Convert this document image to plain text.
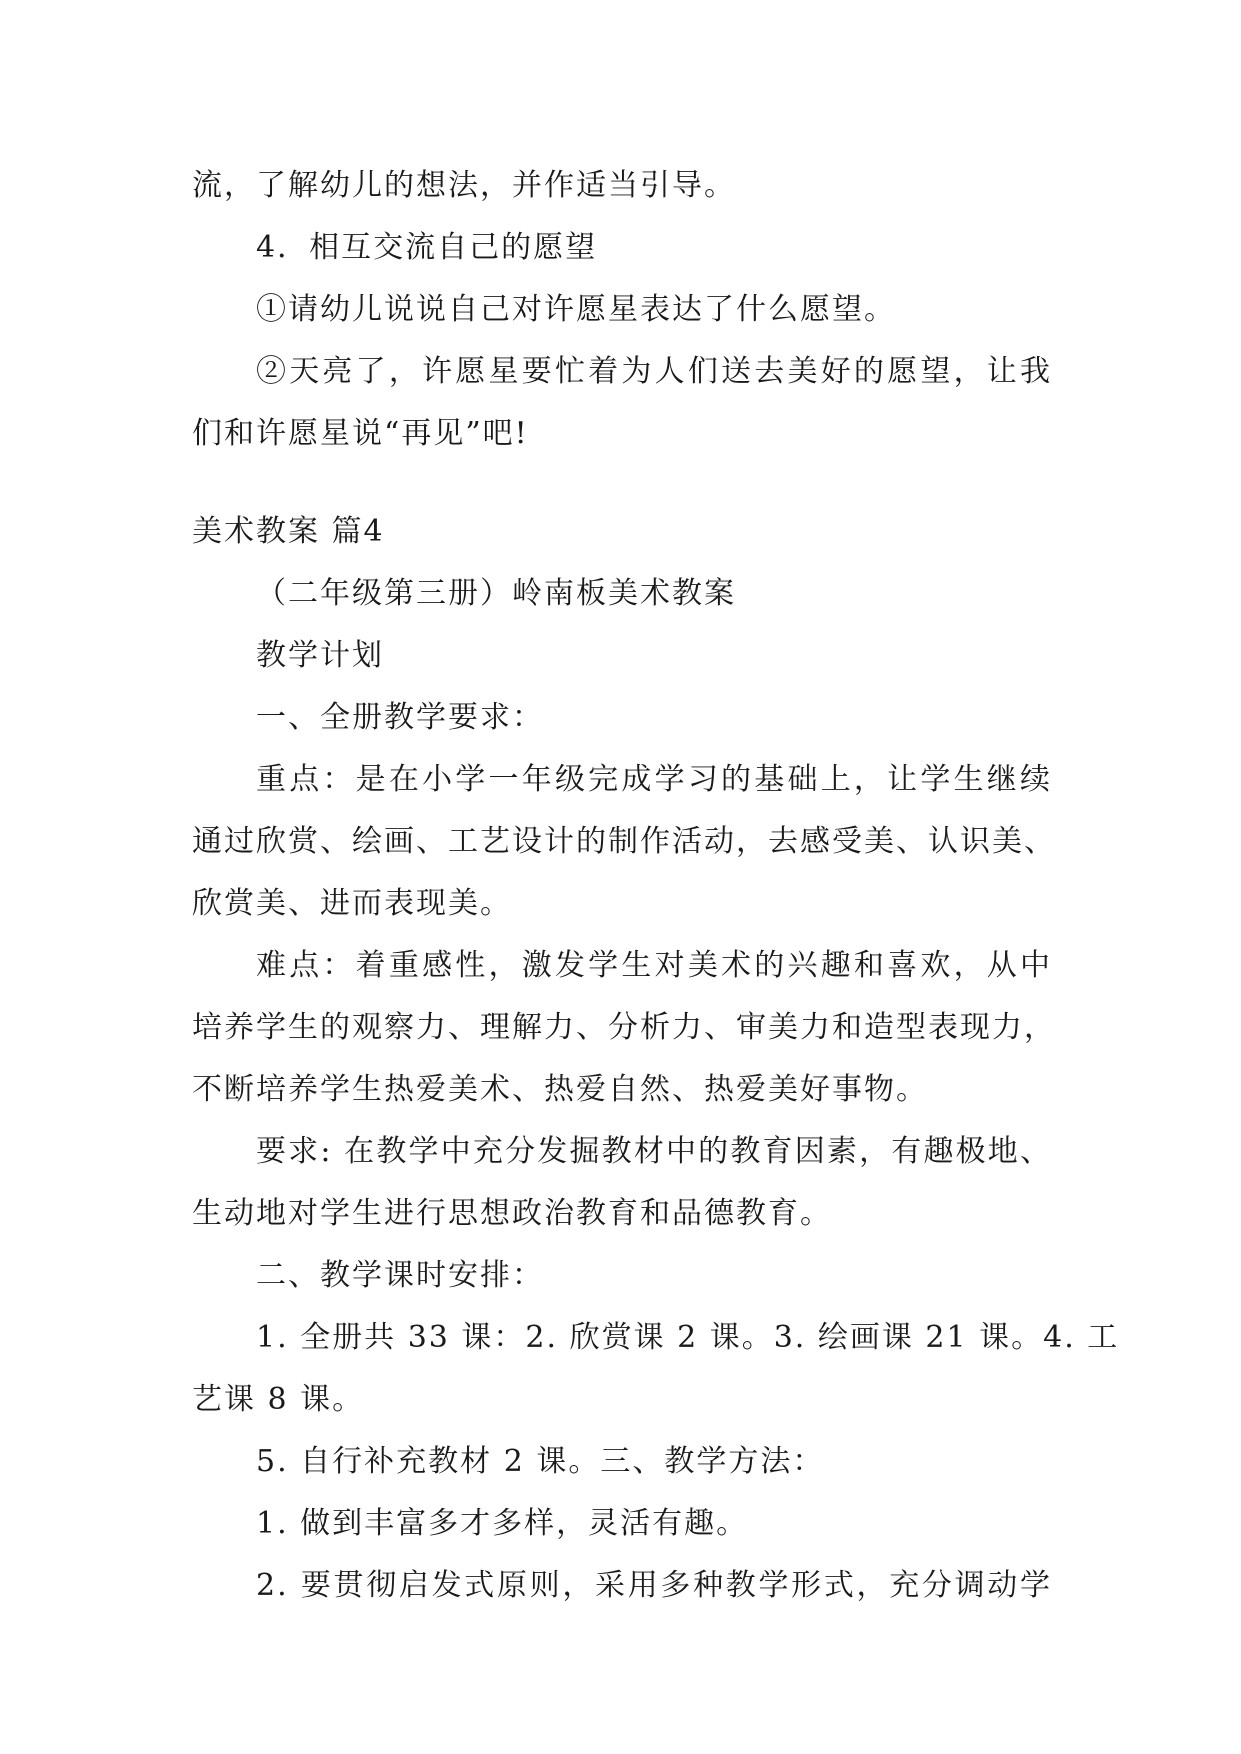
流，了解幼儿的想法，并作适当引导。
4．相互交流自己的愿望
①请幼儿说说自己对许愿星表达了什么愿望。
②天亮了，许愿星要忙着为人们送去美好的愿望，让我
们和许愿星说“再见”吧!
美术教案 篇4
（二年级第三册）岭南板美术教案
教学计划
一、全册教学要求：
重点：是在小学一年级完成学习的基础上，让学生继续
通过欣赏、绘画、工艺设计的制作活动，去感受美、认识美、
欣赏美、进而表现美。
难点：着重感性，激发学生对美术的兴趣和喜欢，从中
培养学生的观察力、理解力、分析力、审美力和造型表现力，
不断培养学生热爱美术、热爱自然、热爱美好事物。
要求: 在教学中充分发掘教材中的教育因素，有趣极地、
生动地对学生进行思想政治教育和品德教育。
二、教学课时安排：
1. 全册共 33 课：2. 欣赏课 2 课。3. 绘画课 21 课。4. 工
艺课 8 课。
5. 自行补充教材 2 课。三、教学方法：
1. 做到丰富多才多样，灵活有趣。
2. 要贯彻启发式原则，采用多种教学形式，充分调动学
